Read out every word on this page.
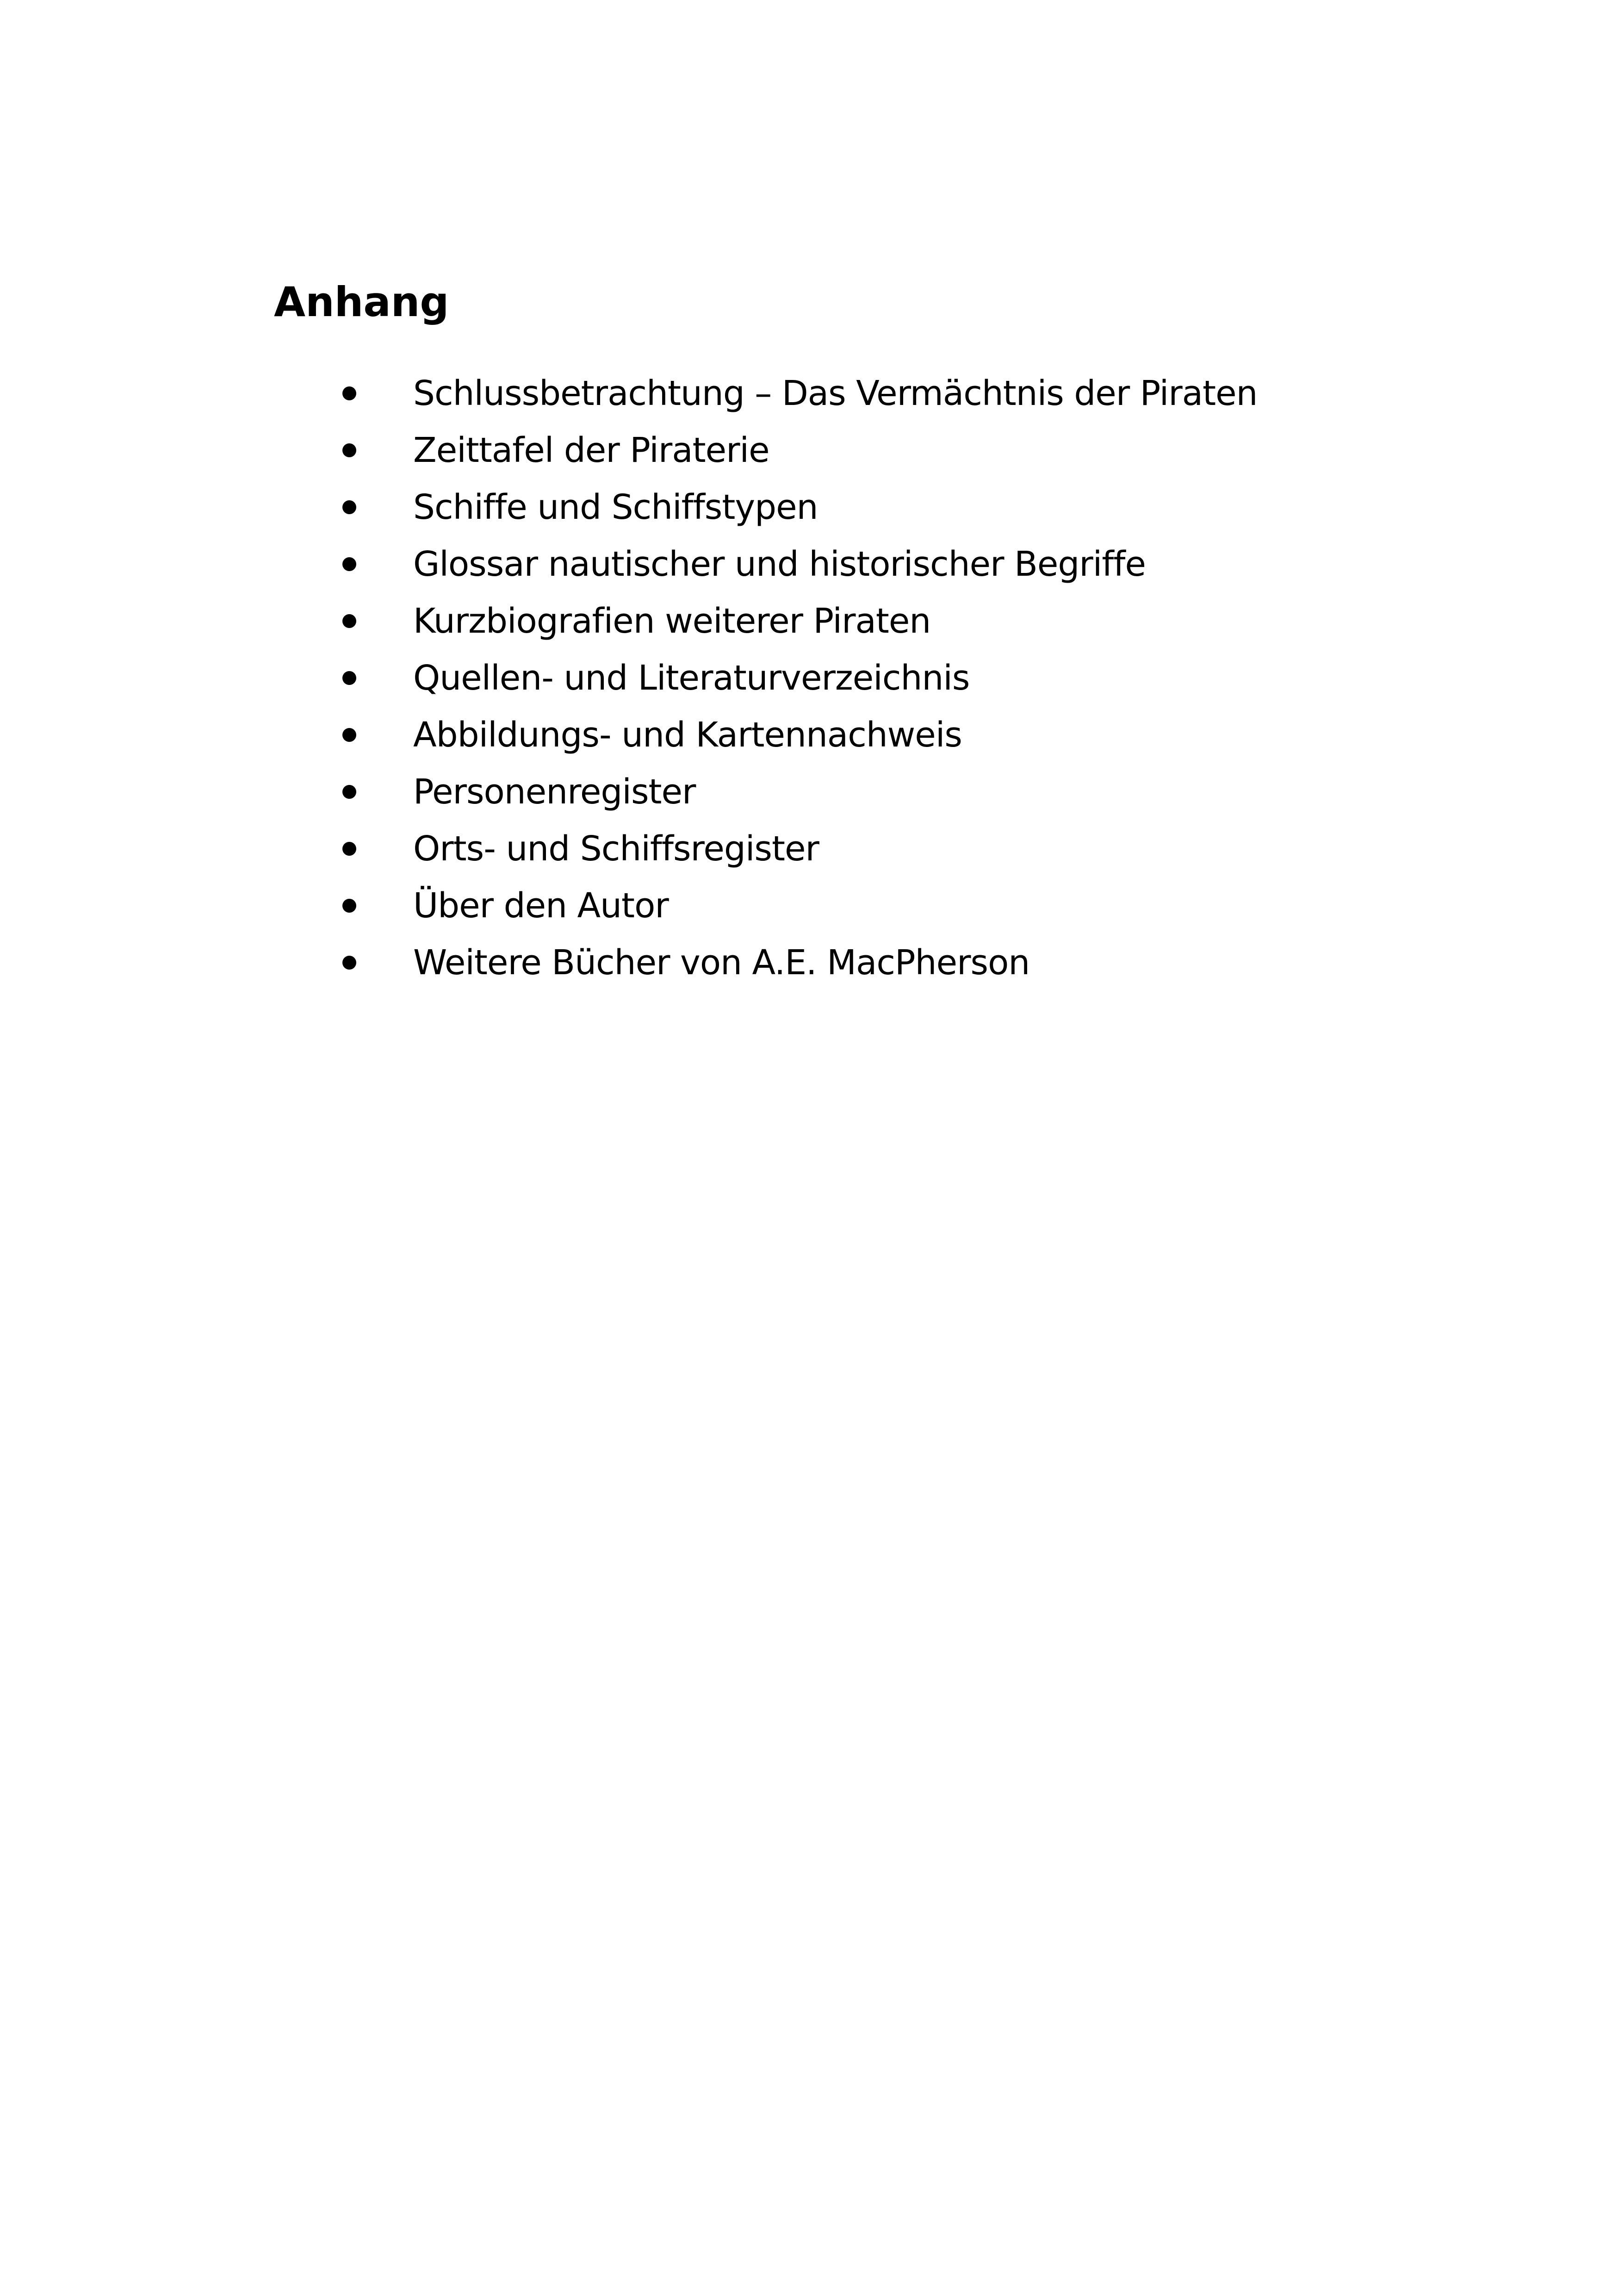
Anhang
Schlussbetrachtung – Das Vermächtnis der Piraten
Zeittafel der Piraterie
Schiffe und Schiffstypen
Glossar nautischer und historischer Begriffe
Kurzbiografien weiterer Piraten
Quellen- und Literaturverzeichnis
Abbildungs- und Kartennachweis
Personenregister
Orts- und Schiffsregister
Über den Autor
Weitere Bücher von A.E. MacPherson
